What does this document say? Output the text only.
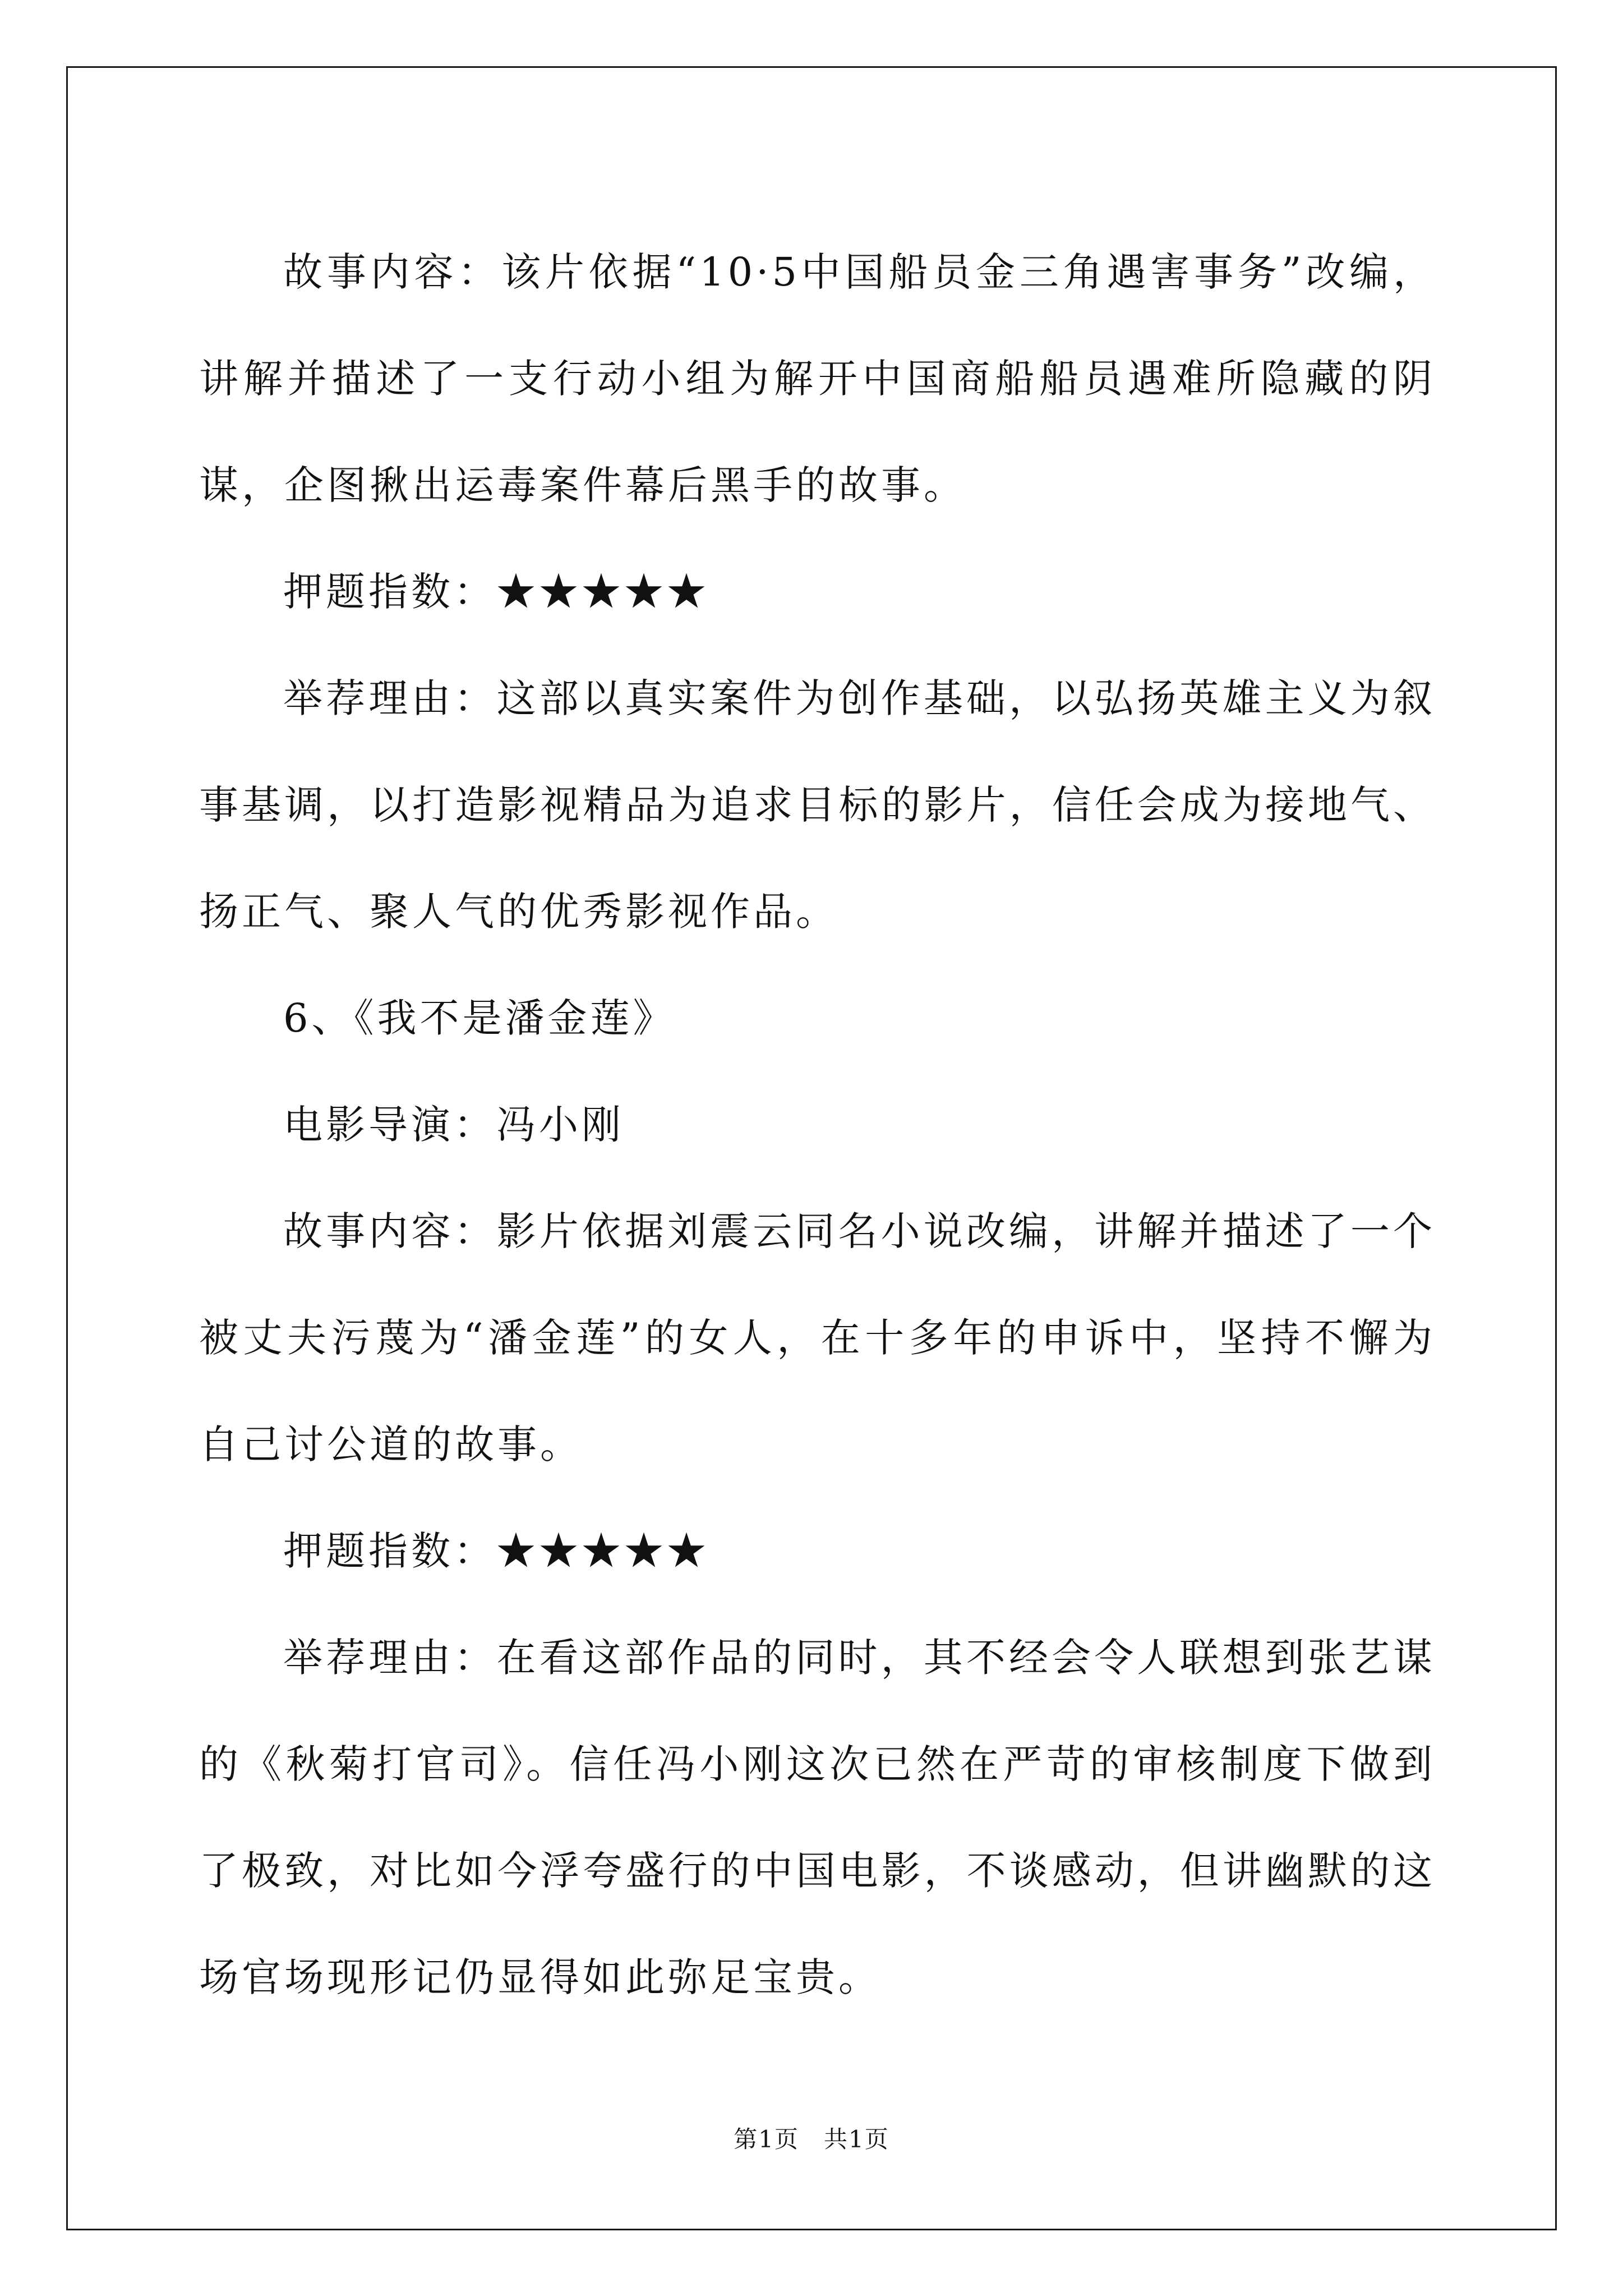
故事内容：该片依据“10·5中国船员金三角遇害事务”改编，讲解并描述了一支行动小组为解开中国商船船员遇难所隐藏的阴谋，企图揪出运毒案件幕后黑手的故事。

押题指数：★★★★★

举荐理由：这部以真实案件为创作基础，以弘扬英雄主义为叙事基调，以打造影视精品为追求目标的影片，信任会成为接地气、扬正气、聚人气的优秀影视作品。

6、《我不是潘金莲》

电影导演：冯小刚

故事内容：影片依据刘震云同名小说改编，讲解并描述了一个被丈夫污蔑为“潘金莲”的女人，在十多年的申诉中，坚持不懈为自己讨公道的故事。

押题指数：★★★★★

举荐理由：在看这部作品的同时，其不经会令人联想到张艺谋的《秋菊打官司》。信任冯小刚这次已然在严苛的审核制度下做到了极致，对比如今浮夸盛行的中国电影，不谈感动，但讲幽默的这场官场现形记仍显得如此弥足宝贵。

第1页　共1页
